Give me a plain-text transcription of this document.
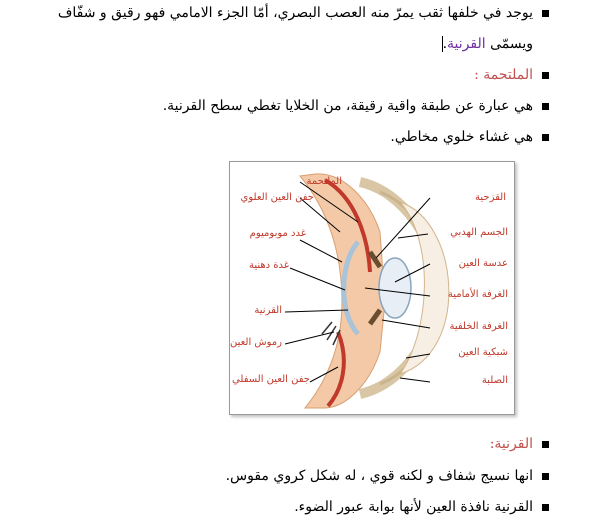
يوجد في خلفها ثقب يمرّ منه العصب البصري، أمّا الجزء الامامي فهو رقيق و شفّاف
ويسمّى القرنية.
الملتحمة :
هي عبارة عن طبقة واقية رقيقة، من الخلايا تغطي سطح القرنية.
هي غشاء خلوي مخاطي.
الملتحمة
جفن العين العلوي
غدد موبوميوم
غدة دهنية
القرنية
رموش العين
جفن العين السفلي
القزحية
الجسم الهدبي
عدسة العين
الغرفة الأمامية
الغرفة الخلفية
شبكية العين
الصلبة
القرنية:
انها نسيج شفاف و لكنه قوي ، له شكل كروي مقوس.
القرنية نافذة العين لأنها بوابة عبور الضوء.
